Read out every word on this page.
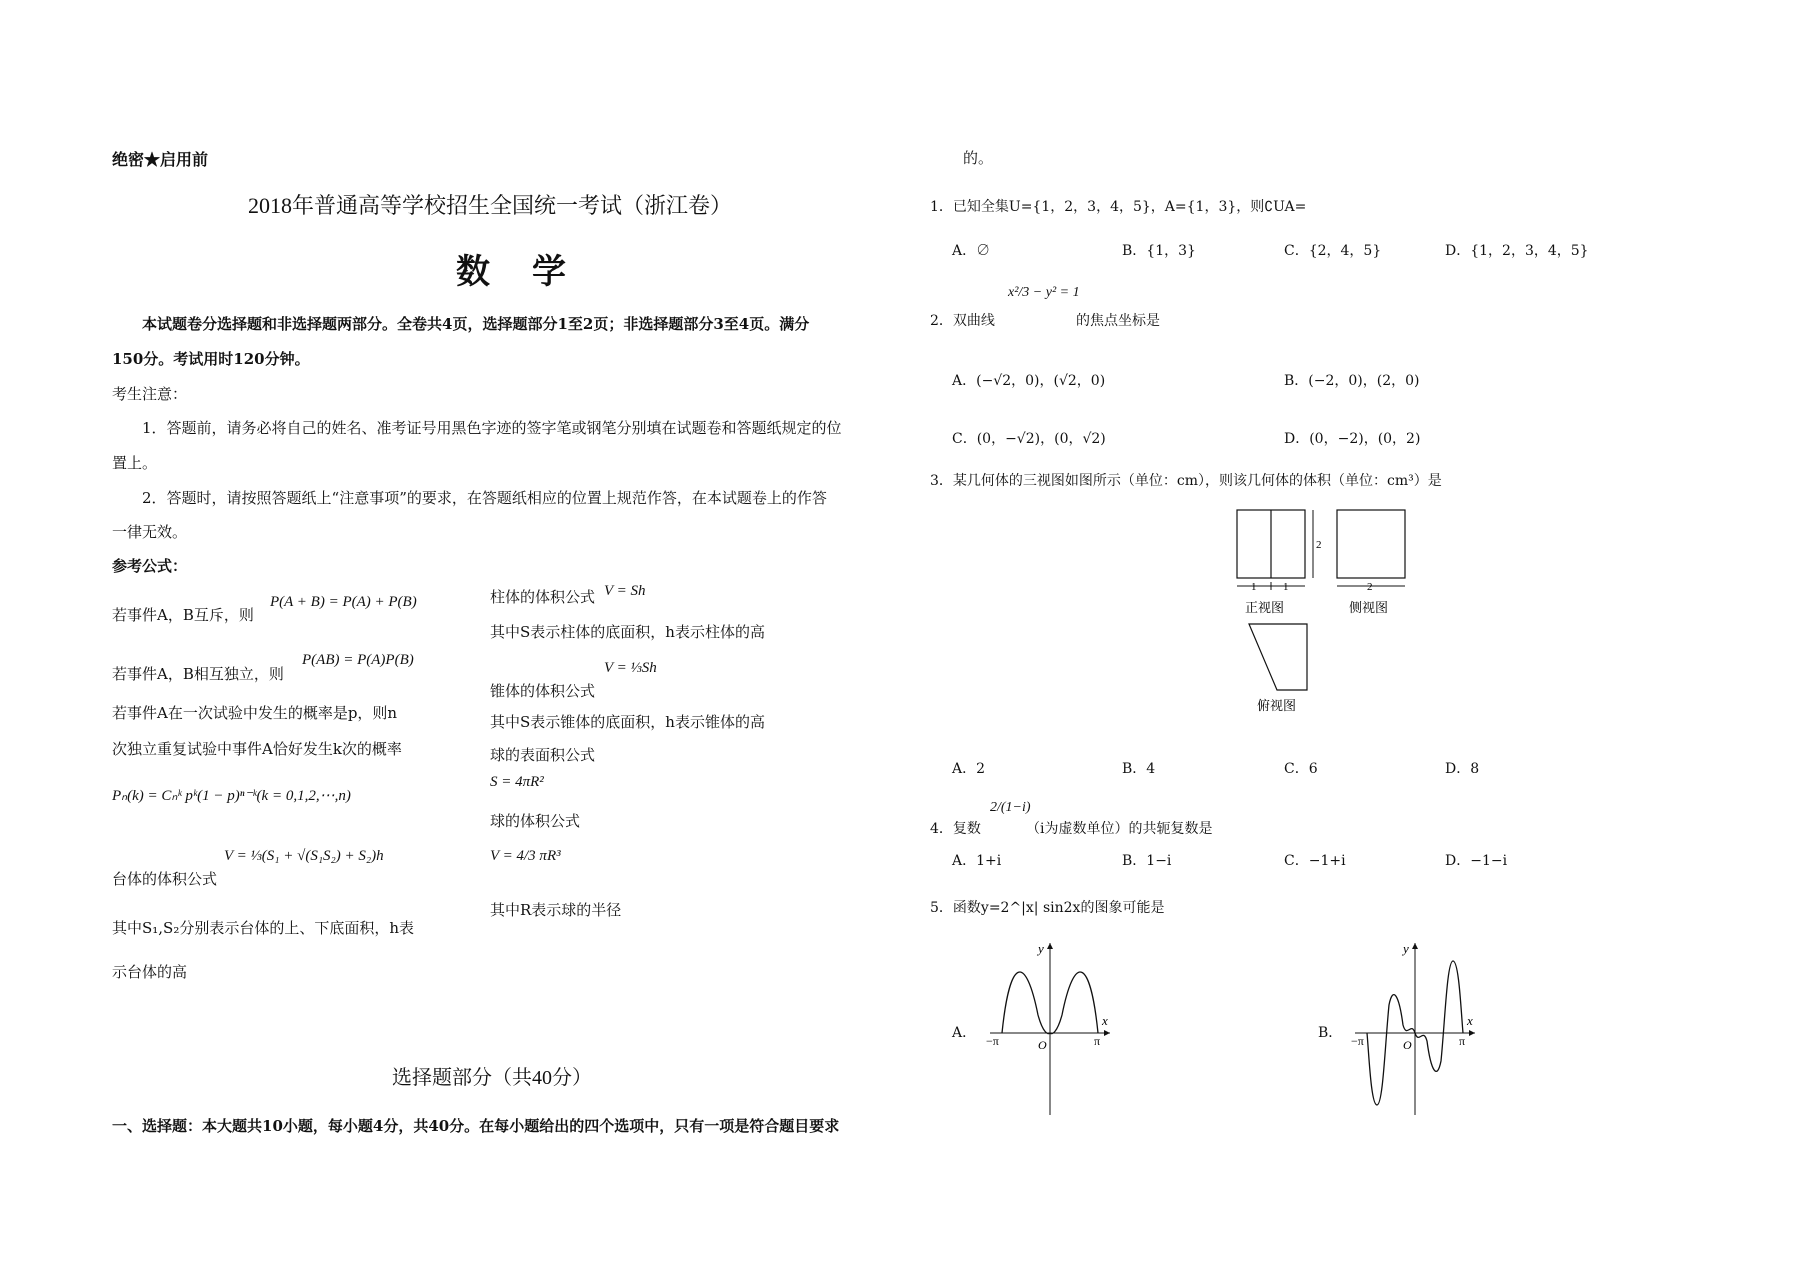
绝密★启用前
2018年普通高等学校招生全国统一考试（浙江卷）
数　学
本试题卷分选择题和非选择题两部分。全卷共4页，选择题部分1至2页；非选择题部分3至4页。满分
150分。考试用时120分钟。
考生注意：
1．答题前，请务必将自己的姓名、准考证号用黑色字迹的签字笔或钢笔分别填在试题卷和答题纸规定的位
置上。
2．答题时，请按照答题纸上“注意事项”的要求，在答题纸相应的位置上规范作答，在本试题卷上的作答
一律无效。
参考公式：
若事件A，B互斥，则
P(A + B) = P(A) + P(B)
若事件A，B相互独立，则
P(AB) = P(A)P(B)
若事件A在一次试验中发生的概率是p，则n
次独立重复试验中事件A恰好发生k次的概率
Pₙ(k) = Cₙᵏ pᵏ(1 − p)ⁿ⁻ᵏ(k = 0,1,2,⋯,n)
台体的体积公式
V = ⅓(S₁ + √(S₁S₂) + S₂)h
其中S₁,S₂分别表示台体的上、下底面积，h表
示台体的高
柱体的体积公式 V = Sh
其中S表示柱体的底面积，h表示柱体的高
锥体的体积公式
V = ⅓Sh
其中S表示锥体的底面积，h表示锥体的高
球的表面积公式
S = 4πR²
球的体积公式
V = 4/3 πR³
其中R表示球的半径
选择题部分（共40分）
一、选择题：本大题共10小题，每小题4分，共40分。在每小题给出的四个选项中，只有一项是符合题目要求
的。
1．已知全集U={1，2，3，4，5}，A={1，3}，则∁UA=
A．∅	B．{1，3}	C．{2，4，5}	D．{1，2，3，4，5}
2．双曲线
x²/3 − y² = 1
的焦点坐标是
A．(−√2，0)，(√2，0)	B．(−2，0)，(2，0)
C．(0，−√2)，(0，√2)	D．(0，−2)，(0，2)
3．某几何体的三视图如图所示（单位：cm），则该几何体的体积（单位：cm³）是
1 1
2
正视图
2
侧视图
俯视图
A．2	B．4	C．6	D．8
4．复数
2/(1−i)
（i为虚数单位）的共轭复数是
A．1+i	B．1−i	C．−1+i	D．−1−i
5．函数y=2^|x| sin2x的图象可能是
A．
y
x
O
−π	π	B．
y
x
O
−π	π
